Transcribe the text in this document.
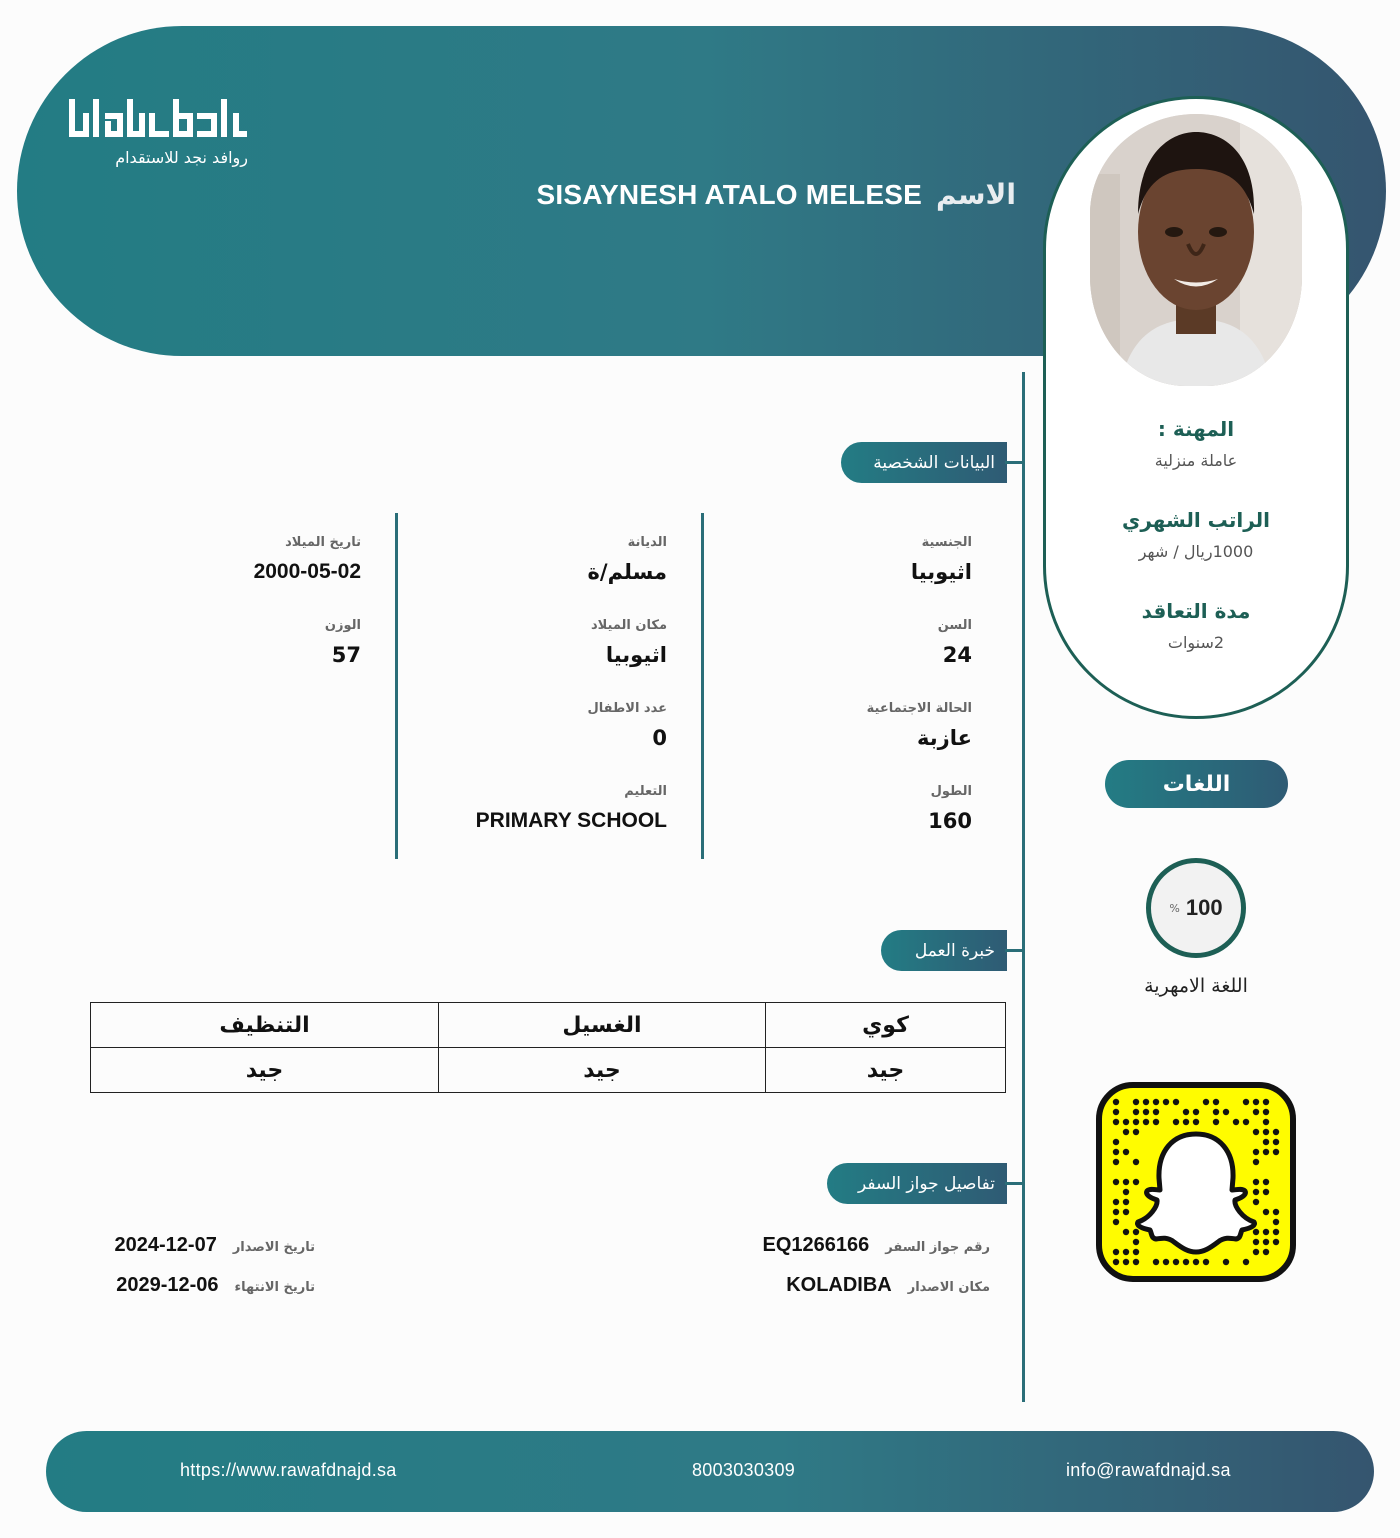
روافد نجد للاستقدام
الاسم
SISAYNESH ATALO MELESE
المهنة :
عاملة منزلية
الراتب الشهري
1000ريال / شهر
مدة التعاقد
2سنوات
البيانات الشخصية
الجنسية
اثيوبيا
السن
24
الحالة الاجتماعية
عازبة
الطول
160
الديانة
مسلم/ة
مكان الميلاد
اثيوبيا
عدد الاطفال
0
التعليم
PRIMARY SCHOOL
تاريخ الميلاد
2000-05-02
الوزن
57
خبرة العمل
كوي	الغسيل	التنظيف
جيد	جيد	جيد
تفاصيل جواز السفر
رقم جواز السفر
EQ1266166
مكان الاصدار
KOLADIBA
تاريخ الاصدار
2024-12-07
تاريخ الانتهاء
2029-12-06
اللغات
% 100
اللغة الامهرية
https://www.rawafdnajd.sa	8003030309	info@rawafdnajd.sa
